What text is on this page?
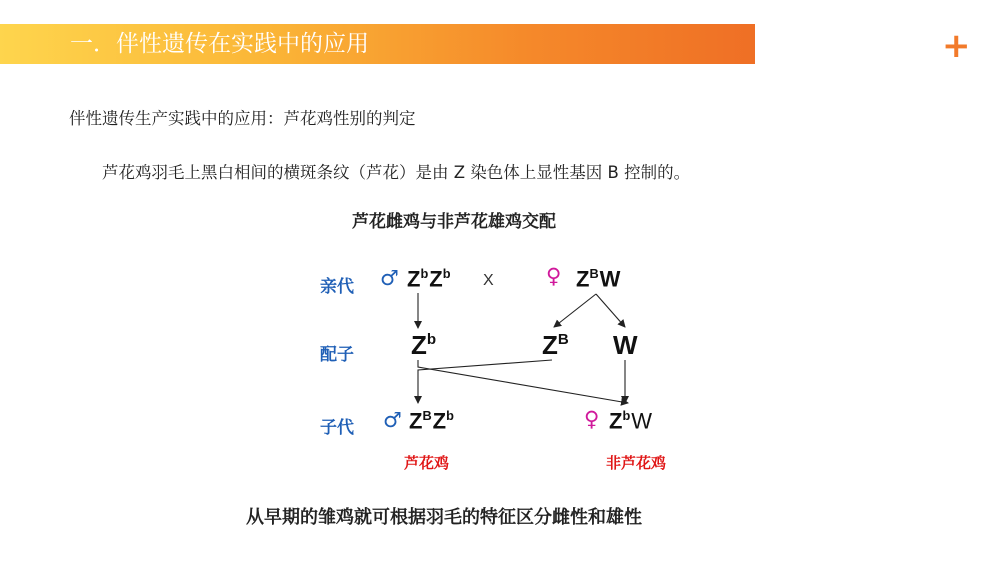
一．伴性遗传在实践中的应用	+
伴性遗传生产实践中的应用：芦花鸡性别的判定
芦花鸡羽毛上黑白相间的横斑条纹（芦花）是由 Z 染色体上显性基因 B 控制的。
芦花雌鸡与非芦花雄鸡交配
亲代
配子
子代
♂ $Z^bZ^b$ X ♀ $Z^BW$
$Z^b$	$Z^B$ W
♂ $Z^BZ^b$	♀ $Z^bW$
芦花鸡	非芦花鸡
从早期的雏鸡就可根据羽毛的特征区分雌性和雄性
